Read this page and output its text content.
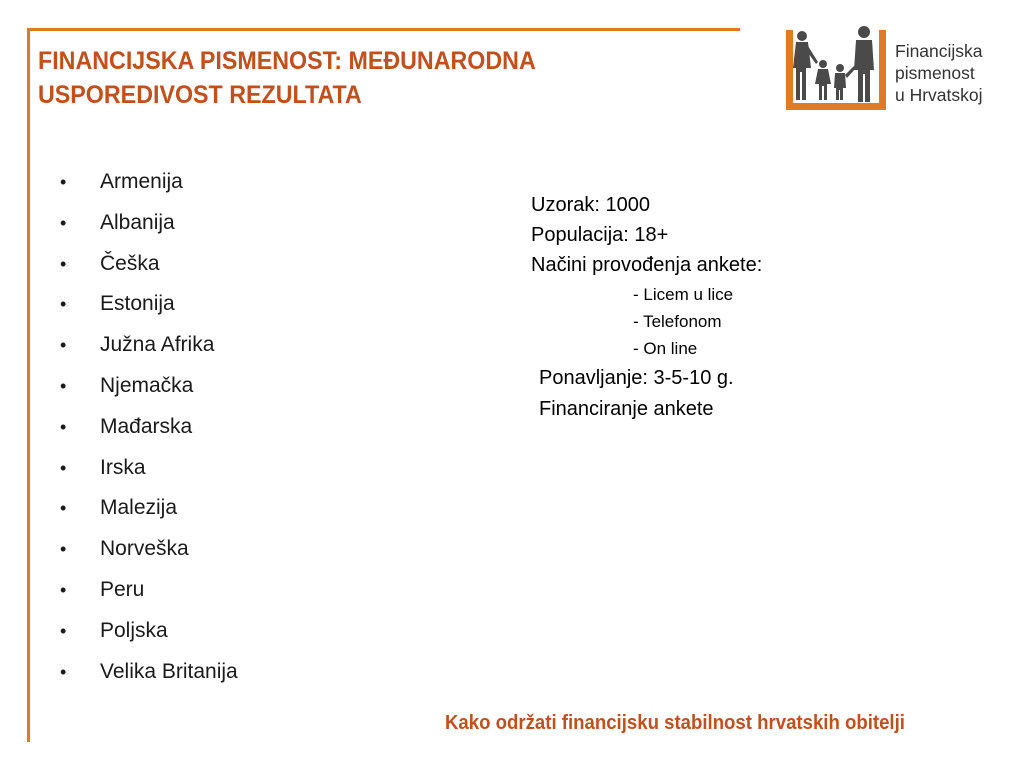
FINANCIJSKA PISMENOST: MEĐUNARODNA
USPOREDIVOST REZULTATA
Financijska
pismenost
u Hrvatskoj
• Armenija
• Albanija
• Češka
• Estonija
• Južna Afrika
• Njemačka
• Mađarska
• Irska
• Malezija
• Norveška
• Peru
• Poljska
• Velika Britanija
Uzorak: 1000
Populacija: 18+
Načini provođenja ankete:
- Licem u lice
- Telefonom
- On line
Ponavljanje: 3-5-10 g.
Financiranje ankete
Kako održati financijsku stabilnost hrvatskih obitelji
